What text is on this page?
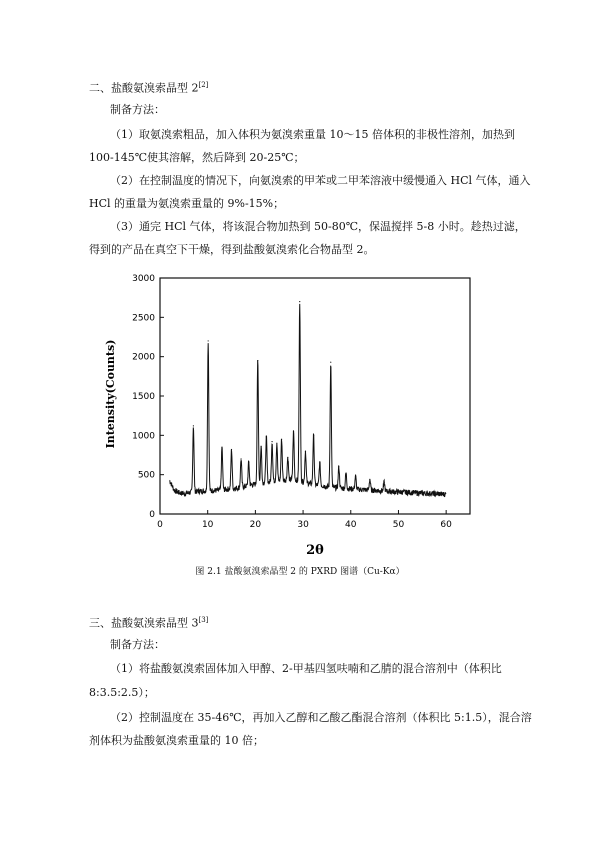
二、盐酸氨溴索晶型 2[2]
制备方法：
（1）取氨溴索粗品，加入体积为氨溴索重量 10～15 倍体积的非极性溶剂，加热到
100-145℃使其溶解，然后降到 20-25℃；
（2）在控制温度的情况下，向氨溴索的甲苯或二甲苯溶液中缓慢通入 HCl 气体，通入
HCl 的重量为氨溴索重量的 9%-15%；
（3）通完 HCl 气体，将该混合物加热到 50-80℃，保温搅拌 5-8 小时。趁热过滤，
得到的产品在真空下干燥，得到盐酸氨溴索化合物晶型 2。
0	10	20	30	40	50	60
0
500
1000
1500
2000
2500
3000
2θ
Intensity(Counts)
图 2.1 盐酸氨溴索晶型 2 的 PXRD 图谱（Cu-Kα）
三、盐酸氨溴索晶型 3[3]
制备方法：
（1）将盐酸氨溴索固体加入甲醇、2-甲基四氢呋喃和乙腈的混合溶剂中（体积比
8:3.5:2.5）；
（2）控制温度在 35-46℃，再加入乙醇和乙酸乙酯混合溶剂（体积比 5:1.5），混合溶
剂体积为盐酸氨溴索重量的 10 倍；
